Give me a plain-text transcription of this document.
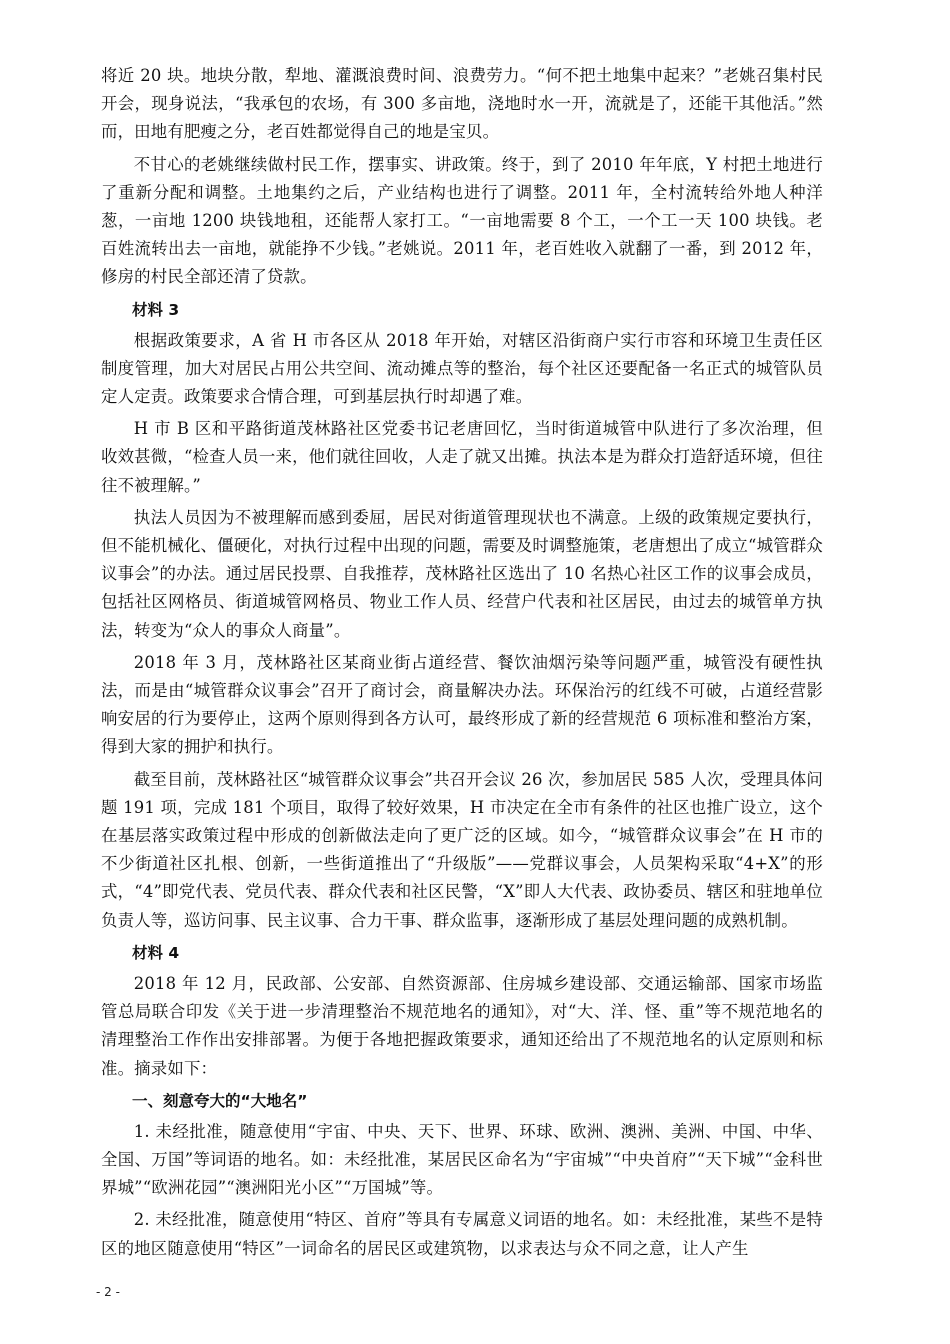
将近 20 块。地块分散，犁地、灌溉浪费时间、浪费劳力。“何不把土地集中起来？”老姚召集村民开会，现身说法，“我承包的农场，有 300 多亩地，浇地时水一开，流就是了，还能干其他活。”然而，田地有肥瘦之分，老百姓都觉得自己的地是宝贝。

不甘心的老姚继续做村民工作，摆事实、讲政策。终于，到了 2010 年年底，Y 村把土地进行了重新分配和调整。土地集约之后，产业结构也进行了调整。2011 年，全村流转给外地人种洋葱，一亩地 1200 块钱地租，还能帮人家打工。“一亩地需要 8 个工，一个工一天 100 块钱。老百姓流转出去一亩地，就能挣不少钱。”老姚说。2011 年，老百姓收入就翻了一番，到 2012 年，修房的村民全部还清了贷款。

材料 3

根据政策要求，A 省 H 市各区从 2018 年开始，对辖区沿街商户实行市容和环境卫生责任区制度管理，加大对居民占用公共空间、流动摊点等的整治，每个社区还要配备一名正式的城管队员定人定责。政策要求合情合理，可到基层执行时却遇了难。

H 市 B 区和平路街道茂林路社区党委书记老唐回忆，当时街道城管中队进行了多次治理，但收效甚微，“检查人员一来，他们就往回收，人走了就又出摊。执法本是为群众打造舒适环境，但往往不被理解。”

执法人员因为不被理解而感到委屈，居民对街道管理现状也不满意。上级的政策规定要执行，但不能机械化、僵硬化，对执行过程中出现的问题，需要及时调整施策，老唐想出了成立“城管群众议事会”的办法。通过居民投票、自我推荐，茂林路社区选出了 10 名热心社区工作的议事会成员，包括社区网格员、街道城管网格员、物业工作人员、经营户代表和社区居民，由过去的城管单方执法，转变为“众人的事众人商量”。

2018 年 3 月，茂林路社区某商业街占道经营、餐饮油烟污染等问题严重，城管没有硬性执法，而是由“城管群众议事会”召开了商讨会，商量解决办法。环保治污的红线不可破，占道经营影响安居的行为要停止，这两个原则得到各方认可，最终形成了新的经营规范 6 项标准和整治方案，得到大家的拥护和执行。

截至目前，茂林路社区“城管群众议事会”共召开会议 26 次，参加居民 585 人次，受理具体问题 191 项，完成 181 个项目，取得了较好效果，H 市决定在全市有条件的社区也推广设立，这个在基层落实政策过程中形成的创新做法走向了更广泛的区域。如今，“城管群众议事会”在 H 市的不少街道社区扎根、创新，一些街道推出了“升级版”——党群议事会，人员架构采取“4+X”的形式，“4”即党代表、党员代表、群众代表和社区民警，“X”即人大代表、政协委员、辖区和驻地单位负责人等，巡访问事、民主议事、合力干事、群众监事，逐渐形成了基层处理问题的成熟机制。

材料 4

2018 年 12 月，民政部、公安部、自然资源部、住房城乡建设部、交通运输部、国家市场监管总局联合印发《关于进一步清理整治不规范地名的通知》，对“大、洋、怪、重”等不规范地名的清理整治工作作出安排部署。为便于各地把握政策要求，通知还给出了不规范地名的认定原则和标准。摘录如下：

一、刻意夸大的“大地名”

1. 未经批准，随意使用“宇宙、中央、天下、世界、环球、欧洲、澳洲、美洲、中国、中华、全国、万国”等词语的地名。如：未经批准，某居民区命名为“宇宙城”“中央首府”“天下城”“金科世界城”“欧洲花园”“澳洲阳光小区”“万国城”等。

2. 未经批准，随意使用“特区、首府”等具有专属意义词语的地名。如：未经批准，某些不是特区的地区随意使用“特区”一词命名的居民区或建筑物，以求表达与众不同之意，让人产生

- 2 -
